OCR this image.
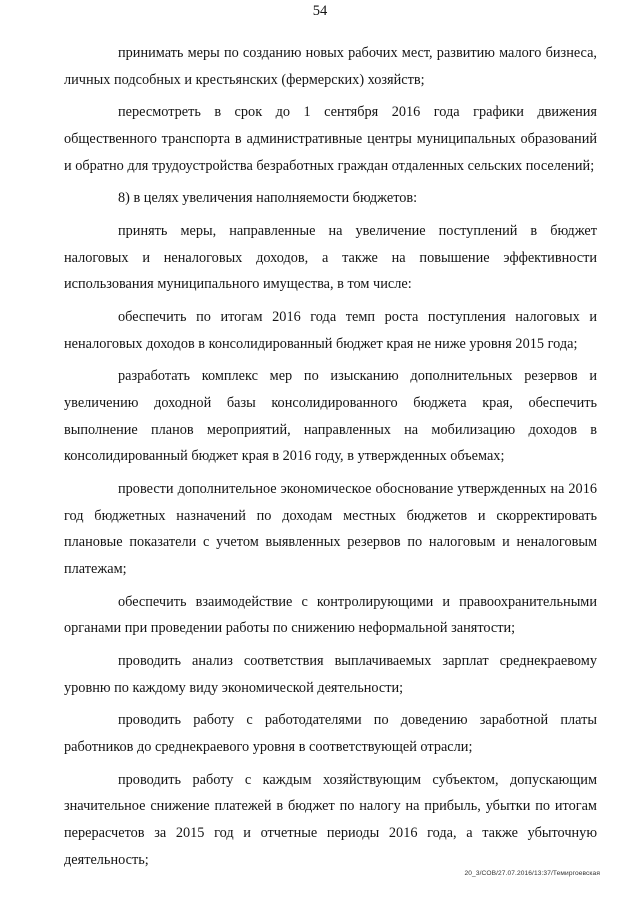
54

принимать меры по созданию новых рабочих мест, развитию малого бизнеса, личных подсобных и крестьянских (фермерских) хозяйств;

пересмотреть в срок до 1 сентября 2016 года графики движения общественного транспорта в административные центры муниципальных образований и обратно для трудоустройства безработных граждан отдаленных сельских поселений;

8) в целях увеличения наполняемости бюджетов:

принять меры, направленные на увеличение поступлений в бюджет налоговых и неналоговых доходов, а также на повышение эффективности использования муниципального имущества, в том числе:

обеспечить по итогам 2016 года темп роста поступления налоговых и неналоговых доходов в консолидированный бюджет края не ниже уровня 2015 года;

разработать комплекс мер по изысканию дополнительных резервов и увеличению доходной базы консолидированного бюджета края, обеспечить выполнение планов мероприятий, направленных на мобилизацию доходов в консолидированный бюджет края в 2016 году, в утвержденных объемах;

провести дополнительное экономическое обоснование утвержденных на 2016 год бюджетных назначений по доходам местных бюджетов и скорректировать плановые показатели с учетом выявленных резервов по налоговым и неналоговым платежам;

обеспечить взаимодействие с контролирующими и правоохранительными органами при проведении работы по снижению неформальной занятости;

проводить анализ соответствия выплачиваемых зарплат среднекраевому уровню по каждому виду экономической деятельности;

проводить работу с работодателями по доведению заработной платы работников до среднекраевого уровня в соответствующей отрасли;

проводить работу с каждым хозяйствующим субъектом, допускающим значительное снижение платежей в бюджет по налогу на прибыль, убытки по итогам перерасчетов за 2015 год и отчетные периоды 2016 года, а также убыточную деятельность;

20_3/COB/27.07.2016/13:37/Темиргоевская
